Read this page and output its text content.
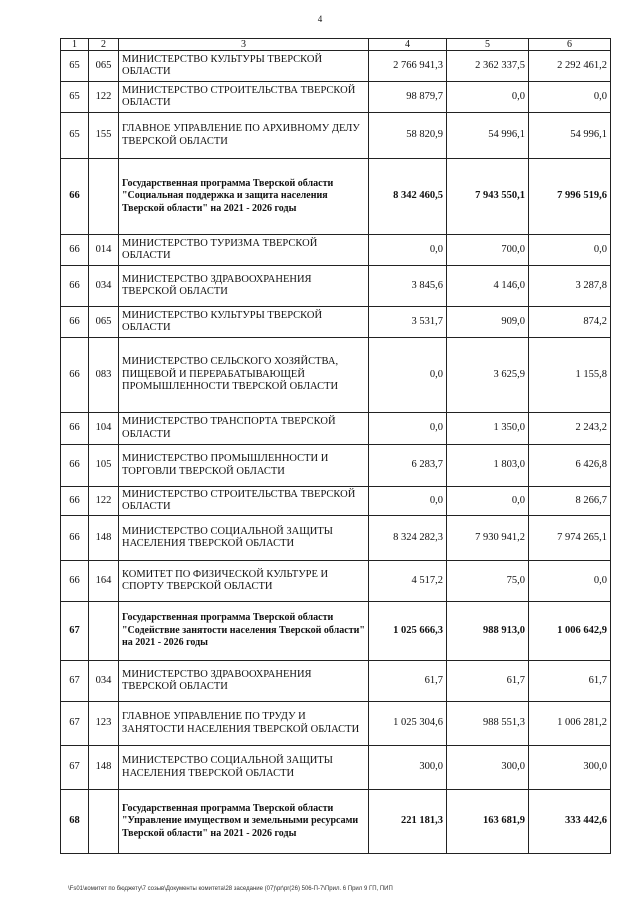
4
1	2	3	4	5	6
65	065	МИНИСТЕРСТВО КУЛЬТУРЫ ТВЕРСКОЙ ОБЛАСТИ	2 766 941,3	2 362 337,5	2 292 461,2
65	122	МИНИСТЕРСТВО СТРОИТЕЛЬСТВА ТВЕРСКОЙ ОБЛАСТИ	98 879,7	0,0	0,0
65	155	ГЛАВНОЕ УПРАВЛЕНИЕ ПО АРХИВНОМУ ДЕЛУ ТВЕРСКОЙ ОБЛАСТИ	58 820,9	54 996,1	54 996,1
66		Государственная программа Тверской области "Социальная поддержка и защита населения Тверской области" на 2021 - 2026 годы	8 342 460,5	7 943 550,1	7 996 519,6
66	014	МИНИСТЕРСТВО ТУРИЗМА ТВЕРСКОЙ ОБЛАСТИ	0,0	700,0	0,0
66	034	МИНИСТЕРСТВО ЗДРАВООХРАНЕНИЯ ТВЕРСКОЙ ОБЛАСТИ	3 845,6	4 146,0	3 287,8
66	065	МИНИСТЕРСТВО КУЛЬТУРЫ ТВЕРСКОЙ ОБЛАСТИ	3 531,7	909,0	874,2
66	083	МИНИСТЕРСТВО СЕЛЬСКОГО ХОЗЯЙСТВА, ПИЩЕВОЙ И ПЕРЕРАБАТЫВАЮЩЕЙ ПРОМЫШЛЕННОСТИ ТВЕРСКОЙ ОБЛАСТИ	0,0	3 625,9	1 155,8
66	104	МИНИСТЕРСТВО ТРАНСПОРТА ТВЕРСКОЙ ОБЛАСТИ	0,0	1 350,0	2 243,2
66	105	МИНИСТЕРСТВО ПРОМЫШЛЕННОСТИ И ТОРГОВЛИ ТВЕРСКОЙ ОБЛАСТИ	6 283,7	1 803,0	6 426,8
66	122	МИНИСТЕРСТВО СТРОИТЕЛЬСТВА ТВЕРСКОЙ ОБЛАСТИ	0,0	0,0	8 266,7
66	148	МИНИСТЕРСТВО СОЦИАЛЬНОЙ ЗАЩИТЫ НАСЕЛЕНИЯ ТВЕРСКОЙ ОБЛАСТИ	8 324 282,3	7 930 941,2	7 974 265,1
66	164	КОМИТЕТ ПО ФИЗИЧЕСКОЙ КУЛЬТУРЕ И СПОРТУ ТВЕРСКОЙ ОБЛАСТИ	4 517,2	75,0	0,0
67		Государственная программа Тверской области "Содействие занятости населения Тверской области" на 2021 - 2026 годы	1 025 666,3	988 913,0	1 006 642,9
67	034	МИНИСТЕРСТВО ЗДРАВООХРАНЕНИЯ ТВЕРСКОЙ ОБЛАСТИ	61,7	61,7	61,7
67	123	ГЛАВНОЕ УПРАВЛЕНИЕ ПО ТРУДУ И ЗАНЯТОСТИ НАСЕЛЕНИЯ ТВЕРСКОЙ ОБЛАСТИ	1 025 304,6	988 551,3	1 006 281,2
67	148	МИНИСТЕРСТВО СОЦИАЛЬНОЙ ЗАЩИТЫ НАСЕЛЕНИЯ ТВЕРСКОЙ ОБЛАСТИ	300,0	300,0	300,0
68		Государственная программа Тверской области "Управление имуществом и земельными ресурсами Тверской области" на 2021 - 2026 годы	221 181,3	163 681,9	333 442,6
\Fs01\комитет по бюджету\7 созыв\Документы комитета\28 заседание (07)\pr\pr(26) 506-П-7\Прил. 6 Прил 9 ГП, ПИП
